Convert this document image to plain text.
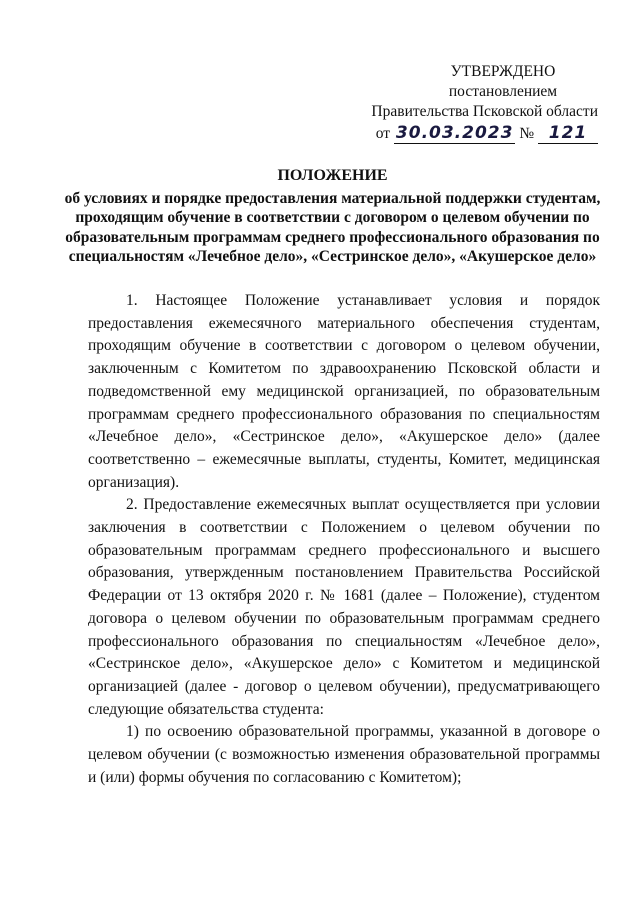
УТВЕРЖДЕНО
постановлением
Правительства Псковской области
от 30.03.2023 № 121
ПОЛОЖЕНИЕ
об условиях и порядке предоставления материальной поддержки студентам, проходящим обучение в соответствии с договором о целевом обучении по образовательным программам среднего профессионального образования по специальностям «Лечебное дело», «Сестринское дело», «Акушерское дело»

1. Настоящее Положение устанавливает условия и порядок предоставления ежемесячного материального обеспечения студентам, проходящим обучение в соответствии с договором о целевом обучении, заключенным с Комитетом по здравоохранению Псковской области и подведомственной ему медицинской организацией, по образовательным программам среднего профессионального образования по специальностям «Лечебное дело», «Сестринское дело», «Акушерское дело» (далее соответственно – ежемесячные выплаты, студенты, Комитет, медицинская организация).

2. Предоставление ежемесячных выплат осуществляется при условии заключения в соответствии с Положением о целевом обучении по образовательным программам среднего профессионального и высшего образования, утвержденным постановлением Правительства Российской Федерации от 13 октября 2020 г. № 1681 (далее – Положение), студентом договора о целевом обучении по образовательным программам среднего профессионального образования по специальностям «Лечебное дело», «Сестринское дело», «Акушерское дело» с Комитетом и медицинской организацией (далее - договор о целевом обучении), предусматривающего следующие обязательства студента:

1) по освоению образовательной программы, указанной в договоре о целевом обучении (с возможностью изменения образовательной программы и (или) формы обучения по согласованию с Комитетом);
